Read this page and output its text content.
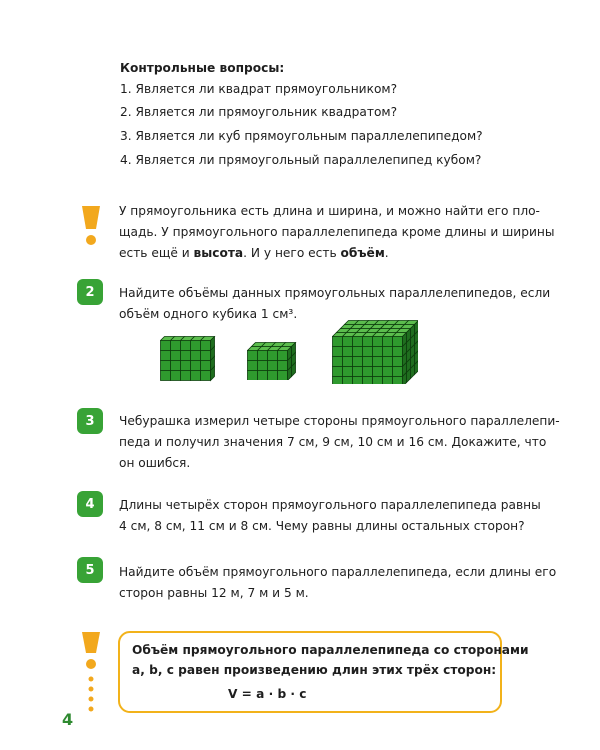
Контрольные вопросы:
1. Является ли квадрат прямоугольником?
2. Является ли прямоугольник квадратом?
3. Является ли куб прямоугольным параллелепипедом?
4. Является ли прямоугольный параллелепипед кубом?
У прямоугольника есть длина и ширина, и можно найти его пло-
щадь. У прямоугольного параллелепипеда кроме длины и ширины
есть ещё и высота. И у него есть объём.
2	Найдите объёмы данных прямоугольных параллелепипедов, если
объём одного кубика 1 см³.
3	Чебурашка измерил четыре стороны прямоугольного параллелепи-
педа и получил значения 7 см, 9 см, 10 см и 16 см. Докажите, что
он ошибся.
4	Длины четырёх сторон прямоугольного параллелепипеда равны
4 см, 8 см, 11 см и 8 см. Чему равны длины остальных сторон?
5	Найдите объём прямоугольного параллелепипеда, если длины его
сторон равны 12 м, 7 м и 5 м.
Объём прямоугольного параллелепипеда со сторонами
a, b, c равен произведению длин этих трёх сторон:
V = a · b · c
4
